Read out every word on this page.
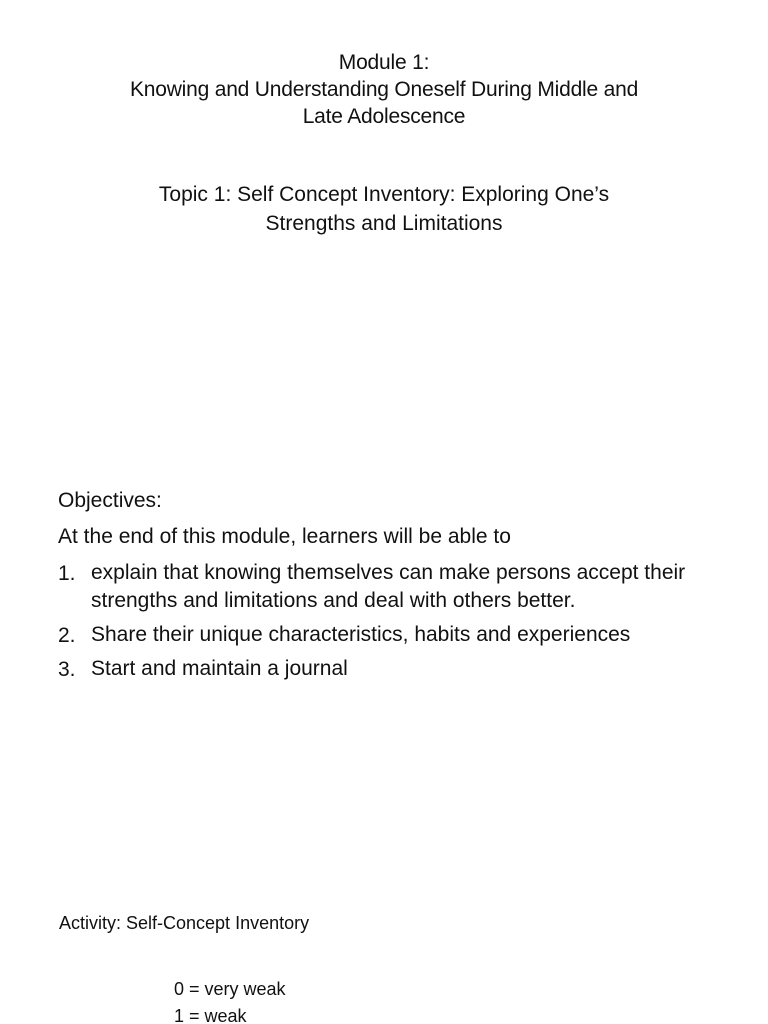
Module 1:
Knowing and Understanding Oneself During Middle and
Late Adolescence
Topic 1: Self Concept Inventory: Exploring One’s
Strengths and Limitations
Objectives:
At the end of this module, learners will be able to
1. explain that knowing themselves can make persons accept their strengths and limitations and deal with others better.
2. Share their unique characteristics, habits and experiences
3. Start and maintain a journal
Activity: Self-Concept Inventory
0 = very weak
1 = weak
